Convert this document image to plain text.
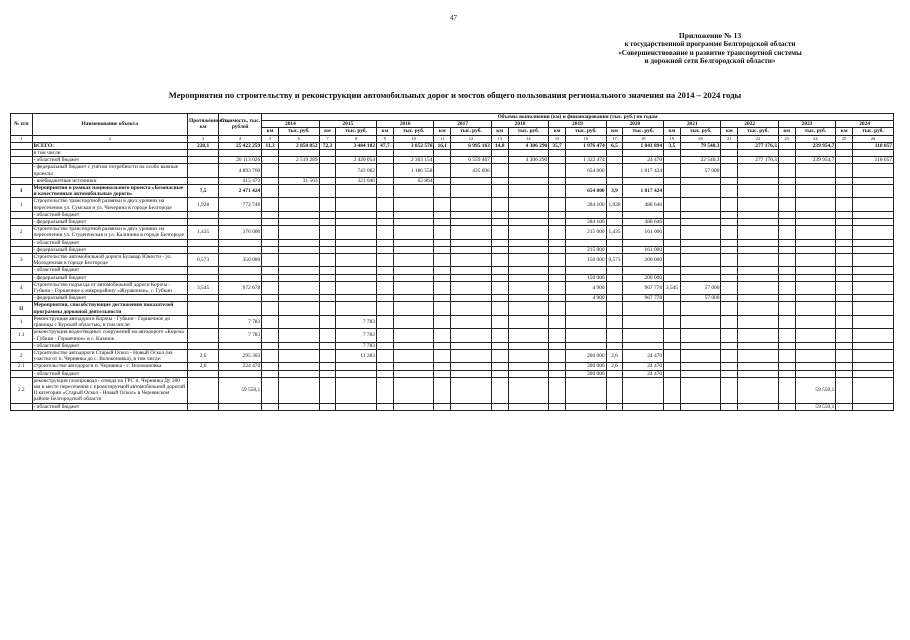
47
Приложение № 13
к государственной программе Белгородской области
«Совершенствование и развитие транспортной системы
и дорожной сети Белгородской области»
Мероприятия по строительству и реконструкции автомобильных дорог и мостов общего пользования регионального значения на 2014 – 2024 годы
№ п/п	Наименование объекта	Протяжённость, км	Стоимость, тыс. рублей	Объемы выполнения (км) и финансирования (тыс. руб.) по годам																					
				2014		2015		2016		2017		2018		2019		2020		2021		2022		2023		2024	
				км	тыс. руб.	км	тыс. руб.	км	тыс. руб.	км	тыс. руб.	км	тыс. руб.	км	тыс. руб.	км	тыс. руб.	км	тыс. руб.	км	тыс. руб.	км	тыс. руб.	км	тыс. руб.
1	2	3	4	5	6	7	8	9	10	11	12	13	14	15	16	17	18	19	20	21	22	23	24	25	26
	ВСЕГО:	228,1	25 422 259	11,3	2 850 852	72,3	3 484 182	47,7	3 852 576	16,1	6 995 163	14,8	4 306 290	35,7	1 976 474	6,5	1 841 894	3,5	79 540,3		277 176,3		239 954,7		118 057
	в том числе:																								
	- областной бюджет		20 113 026		2 519 289		2 420 054		2 303 154		6 559 467		4 306 290		1 322 474		24 470		22 540,3		277 176,3		239 954,7		118 057
	- федеральный бюджет с учётом потребности на особо важные проекты		4 893 760				743 082		1 186 558		435 696				654 000		1 817 424		57 000						
	- внебюджетные источники		415 473		31 563		321 046		62 864																
I	Мероприятия в рамках национального проекта «Безопасные и качественные автомобильные дороги»	7,5	2 471 424												654 000	3,9	1 817 424								
1	Строительство транспортной развязки в двух уровнях на пересечении ул. Сумская и ул. Чичерина в городе Белгороде	1,928	772 746												284 100	1,928	488 646								
	- областной бюджет																								
	- федеральный бюджет														284 100		488 646								
2	Строительство транспортной развязки в двух уровнях на пересечении ул. Студенческая и ул. Калинина в городе Белгороде	1,435	376 000												215 000	1,435	161 000								
	- областной бюджет																								
	- федеральный бюджет														215 000		161 000								
3	Строительство автомобильной дороги Бульвар Юности - ул. Молодежная в городе Белгороде	0,573	350 000												150 000	0,573	200 000								
	- областной бюджет																								
	- федеральный бюджет														150 000		200 000								
4	Строительство подъезда от автомобильной дороги Короча - Губкин - Горшечное к микрорайону «Журавлики», г. Губкин	3,545	972 678												4 900		967 778	3,545	57 000						
	- федеральный бюджет														4 900		967 778		57 000						
II	Мероприятия, способствующие достижению показателей программы дорожной деятельности																								
1	Реконструкция автодороги Короча - Губкин - Горшечное до границы с Курской областью, в том числе:		7 783				7 783																		
1.1	реконструкция водоотводных сооружений на автодороге «Короча - Губкин - Горшечное» в с. Казачок		7 783				7 783																		
	- областной бюджет						7 783																		
2	Строительство автодороги Старый Оскол - Новый Оскол (на участке от п. Чернянка до с. Волоконовка), в том числе:	2,6	295 303				11 283								200 000	2,6	24 470								
2.1	строительство автодороги п. Чернянка - с. Волоконовка	2,6	224 470												200 000	2,6	24 470								
	- областной бюджет														200 000		24 470								
2.2	реконструкция газопровода - отвода на ГРС п. Чернянка Ду 300 мм в месте пересечения с проектируемой автомобильной дорогой II категории «Старый Оскол - Новый Оскол» в Чернянском районе Белгородской области		59 550,1																				59 550,1		
	- областной бюджет																						59 550,1		
